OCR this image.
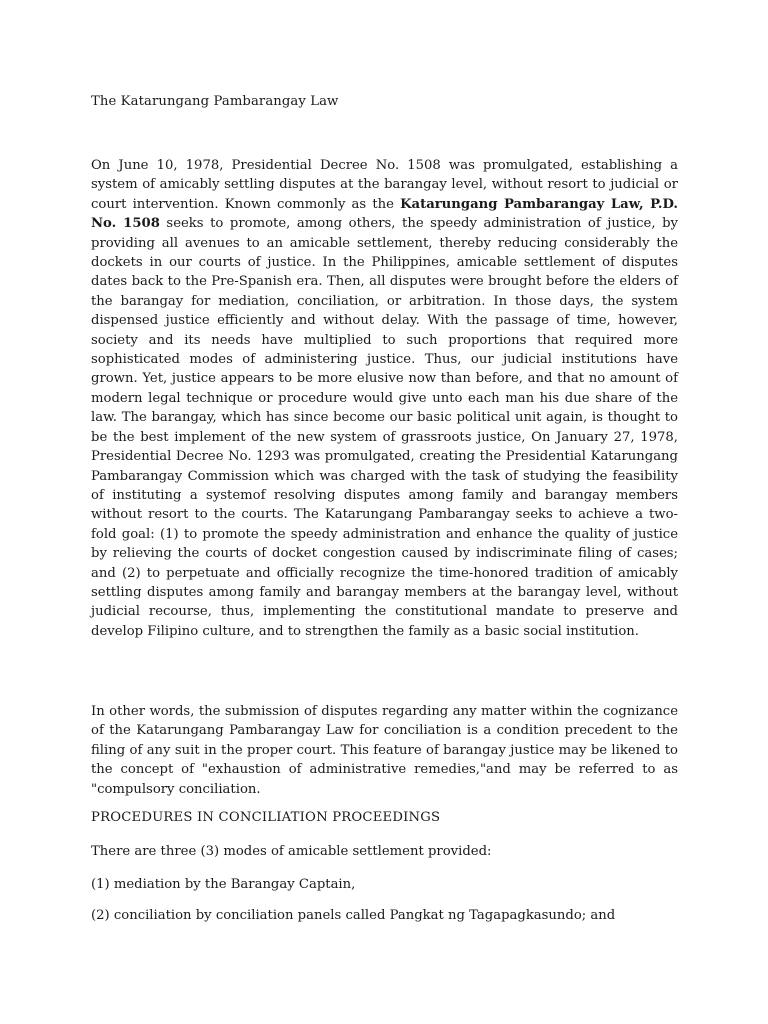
The Katarungang Pambarangay Law

On June 10, 1978, Presidential Decree No. 1508 was promulgated, establishing a system of amicably settling disputes at the barangay level, without resort to judicial or court intervention. Known commonly as the Katarungang Pambarangay Law, P.D. No. 1508 seeks to promote, among others, the speedy administration of justice, by providing all avenues to an amicable settlement, thereby reducing considerably the dockets in our courts of justice. In the Philippines, amicable settlement of disputes dates back to the Pre-Spanish era. Then, all disputes were brought before the elders of the barangay for mediation, conciliation, or arbitration. In those days, the system dispensed justice efficiently and without delay. With the passage of time, however, society and its needs have multiplied to such proportions that required more sophisticated modes of administering justice. Thus, our judicial institutions have grown. Yet, justice appears to be more elusive now than before, and that no amount of modern legal technique or procedure would give unto each man his due share of the law. The barangay, which has since become our basic political unit again, is thought to be the best implement of the new system of grassroots justice, On January 27, 1978, Presidential Decree No. 1293 was promulgated, creating the Presidential Katarungang Pambarangay Commission which was charged with the task of studying the feasibility of instituting a systemof resolving disputes among family and barangay members without resort to the courts. The Katarungang Pambarangay seeks to achieve a two-fold goal: (1) to promote the speedy administration and enhance the quality of justice by relieving the courts of docket congestion caused by indiscriminate filing of cases; and (2) to perpetuate and officially recognize the time-honored tradition of amicably settling disputes among family and barangay members at the barangay level, without judicial recourse, thus, implementing the constitutional mandate to preserve and develop Filipino culture, and to strengthen the family as a basic social institution.

In other words, the submission of disputes regarding any matter within the cognizance of the Katarungang Pambarangay Law for conciliation is a condition precedent to the filing of any suit in the proper court. This feature of barangay justice may be likened to the concept of "exhaustion of administrative remedies,"and may be referred to as "compulsory conciliation.

PROCEDURES IN CONCILIATION PROCEEDINGS
There are three (3) modes of amicable settlement provided:
(1) mediation by the Barangay Captain,
(2) conciliation by conciliation panels called Pangkat ng Tagapagkasundo; and
